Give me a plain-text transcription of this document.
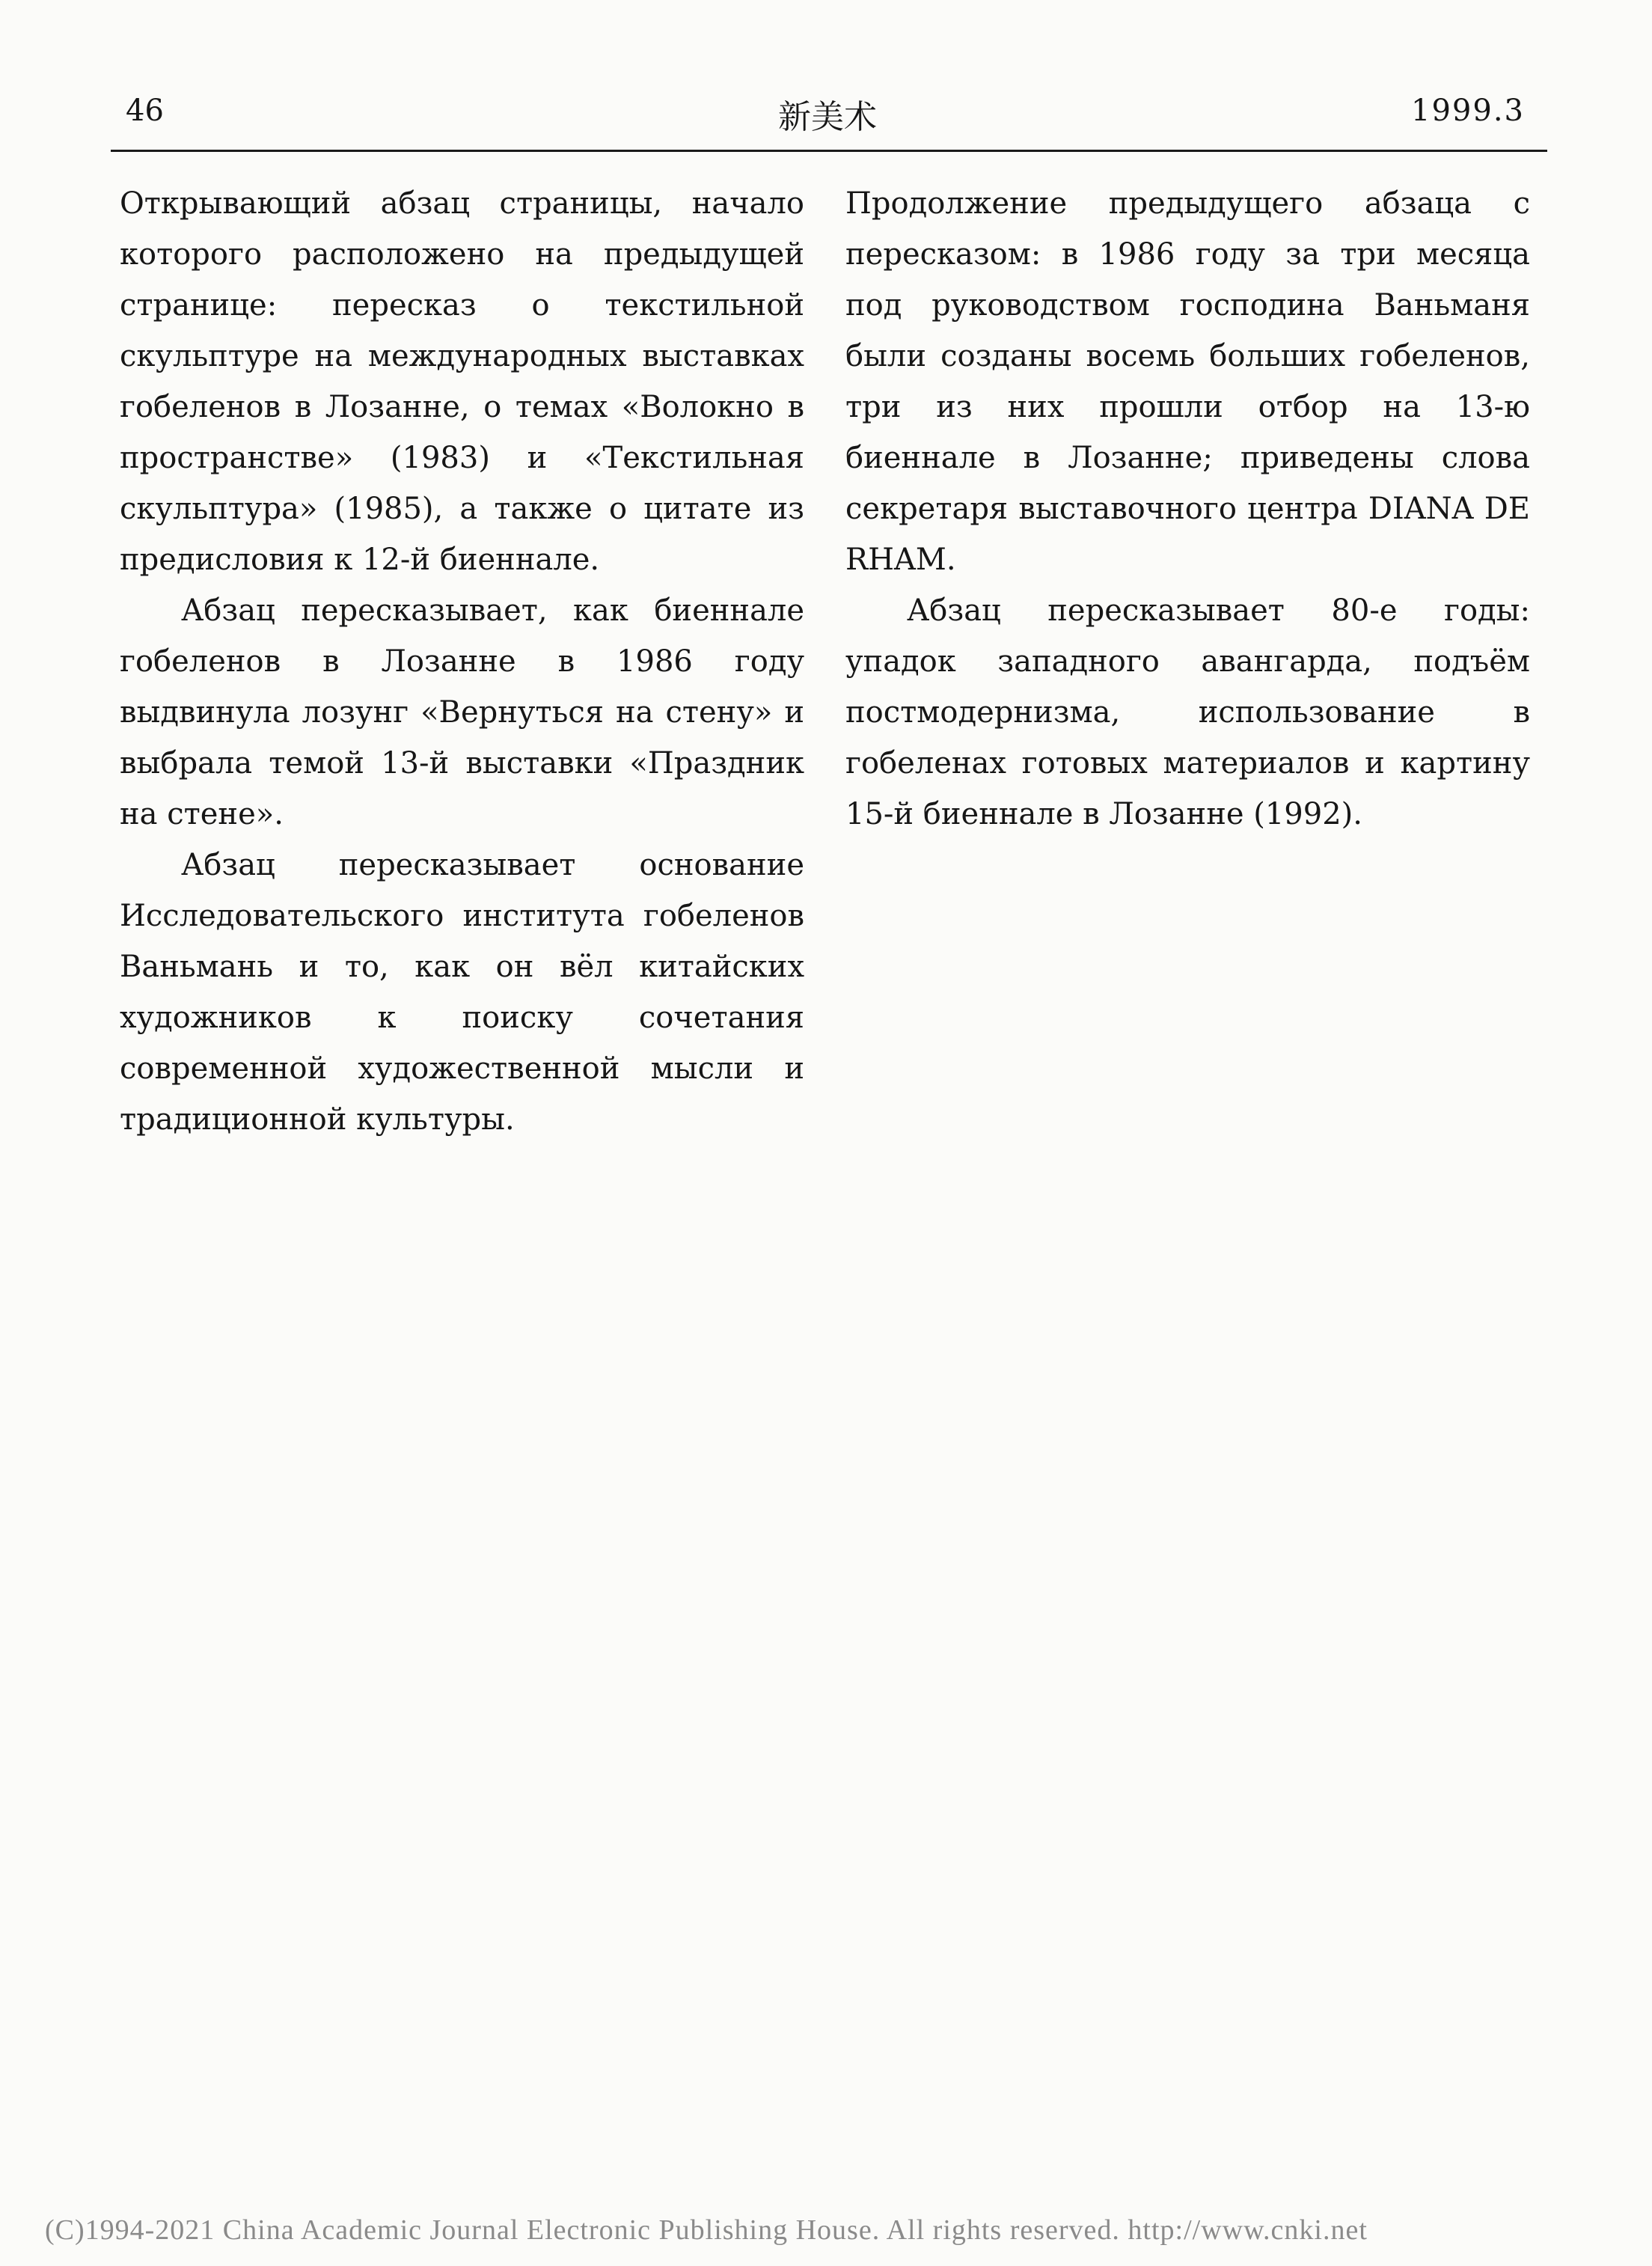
46	新美术	1999.3

Открывающий абзац страницы, начало которого расположено на предыдущей странице: пересказ о текстильной скульптуре на международных выставках гобеленов в Лозанне, о темах «Волокно в пространстве» (1983) и «Текстильная скульптура» (1985), а также о цитате из предисловия к 12-й биеннале.

Абзац пересказывает, как биеннале гобеленов в Лозанне в 1986 году выдвинула лозунг «Вернуться на стену» и выбрала темой 13-й выставки «Праздник на стене».

Абзац пересказывает основание Исследовательского института гобеленов Ваньмань и то, как он вёл китайских художников к поиску сочетания современной художественной мысли и традиционной культуры.

Продолжение предыдущего абзаца с пересказом: в 1986 году за три месяца под руководством господина Ваньманя были созданы восемь больших гобеленов, три из них прошли отбор на 13-ю биеннале в Лозанне; приведены слова секретаря выставочного центра DIANA DE RHAM.

Абзац пересказывает 80-е годы: упадок западного авангарда, подъём постмодернизма, использование в гобеленах готовых материалов и картину 15-й биеннале в Лозанне (1992).

(C)1994-2021 China Academic Journal Electronic Publishing House. All rights reserved. http://www.cnki.net
